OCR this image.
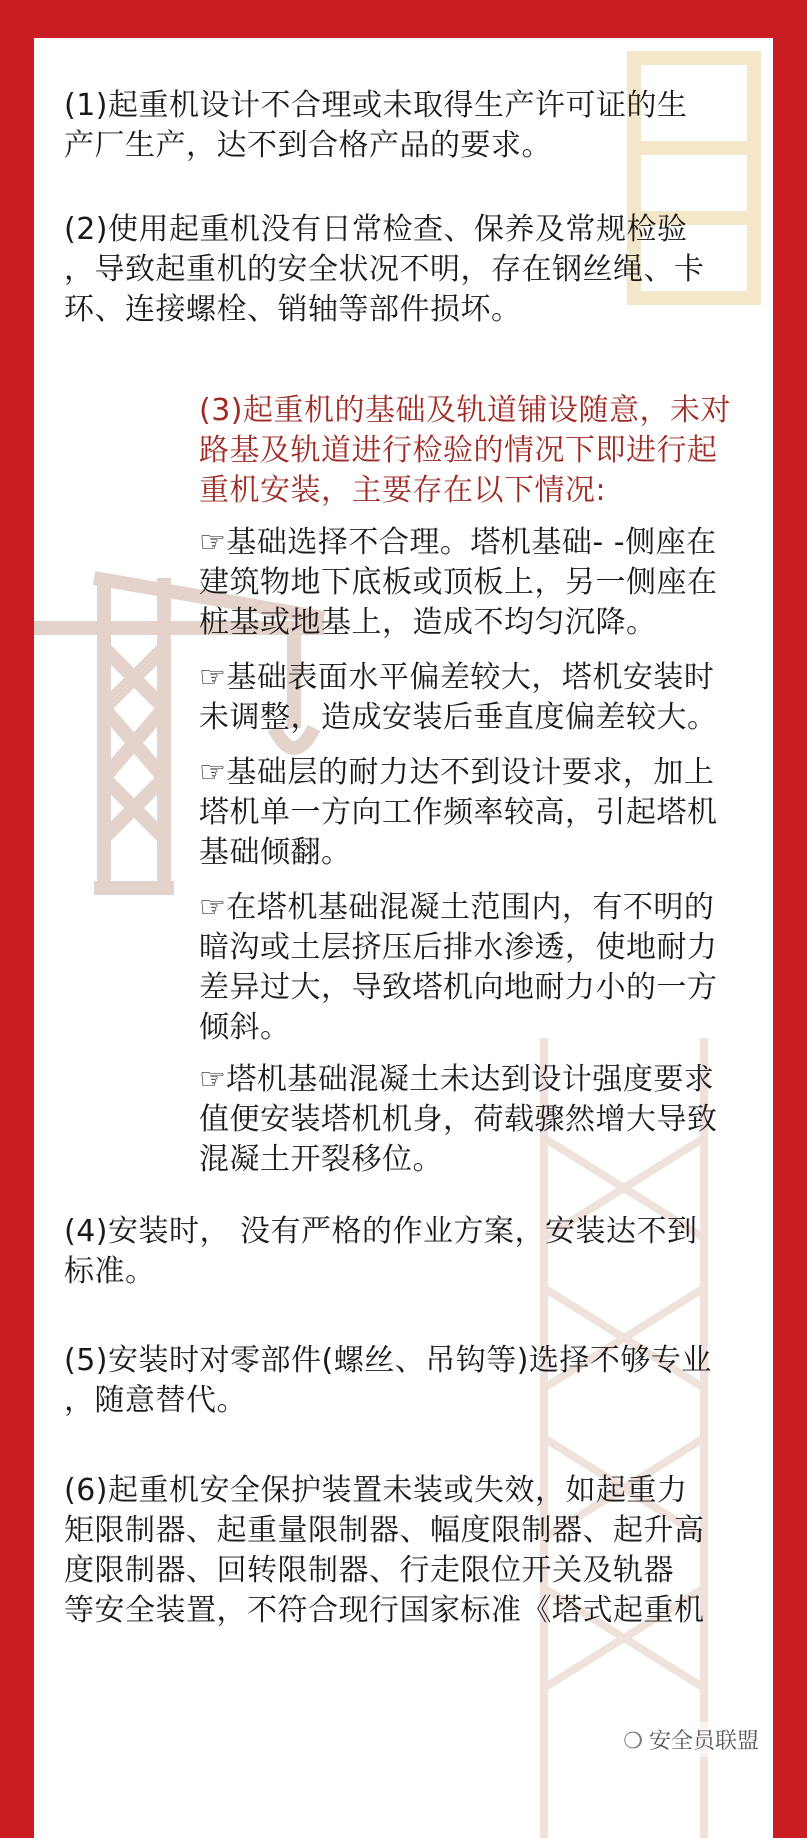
(1)起重机设计不合理或未取得生产许可证的生
产厂生产，达不到合格产品的要求。

(2)使用起重机没有日常检查、保养及常规检验
，导致起重机的安全状况不明，存在钢丝绳、卡
环、连接螺栓、销轴等部件损坏。

(3)起重机的基础及轨道铺设随意，未对
路基及轨道进行检验的情况下即进行起
重机安装，主要存在以下情况:

☞基础选择不合理。塔机基础- -侧座在
建筑物地下底板或顶板上，另一侧座在
桩基或地基上，造成不均匀沉降。

☞基础表面水平偏差较大，塔机安装时
未调整，造成安装后垂直度偏差较大。

☞基础层的耐力达不到设计要求，加上
塔机单一方向工作频率较高，引起塔机
基础倾翻。

☞在塔机基础混凝土范围内，有不明的
暗沟或土层挤压后排水渗透，使地耐力
差异过大，导致塔机向地耐力小的一方
倾斜。

☞塔机基础混凝土未达到设计强度要求
值便安装塔机机身，荷载骤然增大导致
混凝土开裂移位。

(4)安装时， 没有严格的作业方案，安装达不到
标准。

(5)安装时对零部件(螺丝、吊钩等)选择不够专业
，随意替代。

(6)起重机安全保护装置未装或失效，如起重力
矩限制器、起重量限制器、幅度限制器、起升高
度限制器、回转限制器、行走限位开关及轨器
等安全装置，不符合现行国家标准《塔式起重机

❍ 安全员联盟
